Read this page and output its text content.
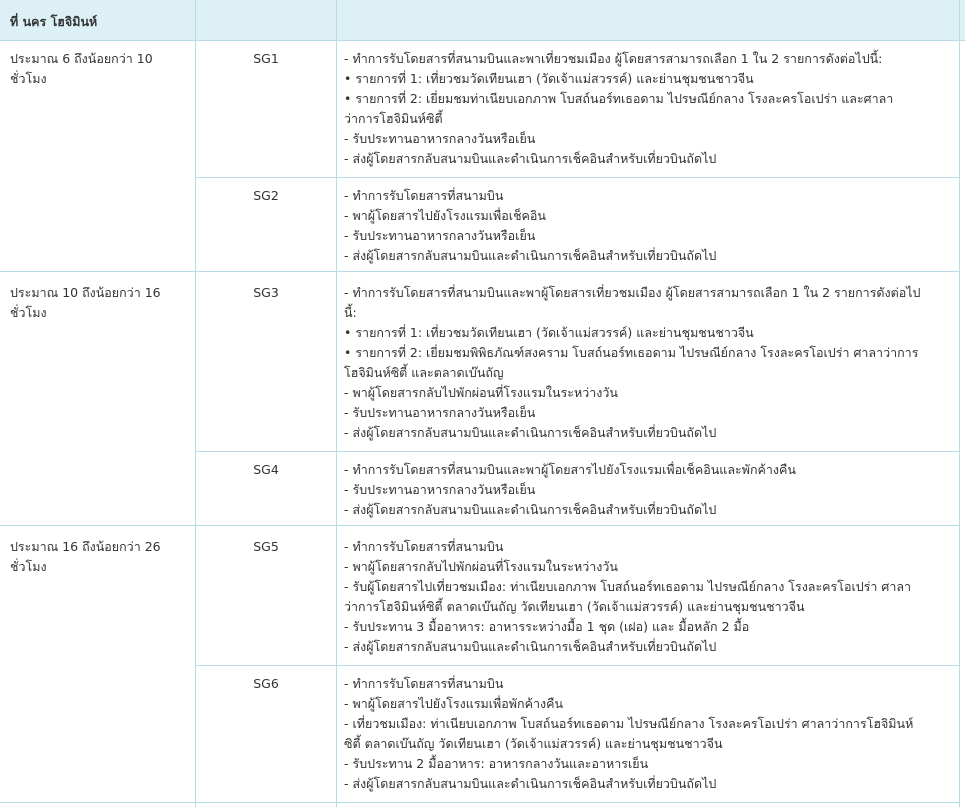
ที่ นคร โฮจิมินห์
ประมาณ 6 ถึงน้อยกว่า 10 ชั่วโมง
SG1	- ทำการรับโดยสารที่สนามบินและพาเที่ยวชมเมือง ผู้โดยสารสามารถเลือก 1 ใน 2 รายการดังต่อไปนี้:
• รายการที่ 1: เที่ยวชมวัดเทียนเฮา (วัดเจ้าแม่สวรรค์) และย่านชุมชนชาวจีน
• รายการที่ 2: เยี่ยมชมท่าเนียบเอกภาพ โบสถ์นอร์ทเธอดาม ไปรษณีย์กลาง โรงละครโอเปร่า และศาลา
ว่าการโฮจิมินห์ซิตี้
- รับประทานอาหารกลางวันหรือเย็น
- ส่งผู้โดยสารกลับสนามบินและดำเนินการเช็คอินสำหรับเที่ยวบินถัดไป
SG2	- ทำการรับโดยสารที่สนามบิน
- พาผู้โดยสารไปยังโรงแรมเพื่อเช็คอิน
- รับประทานอาหารกลางวันหรือเย็น
- ส่งผู้โดยสารกลับสนามบินและดำเนินการเช็คอินสำหรับเที่ยวบินถัดไป
ประมาณ 10 ถึงน้อยกว่า 16 ชั่วโมง
SG3	- ทำการรับโดยสารที่สนามบินและพาผู้โดยสารเที่ยวชมเมือง ผู้โดยสารสามารถเลือก 1 ใน 2 รายการดังต่อไป
นี้:
• รายการที่ 1: เที่ยวชมวัดเทียนเฮา (วัดเจ้าแม่สวรรค์) และย่านชุมชนชาวจีน
• รายการที่ 2: เยี่ยมชมพิพิธภัณฑ์สงคราม โบสถ์นอร์ทเธอดาม ไปรษณีย์กลาง โรงละครโอเปร่า ศาลาว่าการ
โฮจิมินห์ซิตี้ และตลาดเบ๊นถัญ
- พาผู้โดยสารกลับไปพักผ่อนที่โรงแรมในระหว่างวัน
- รับประทานอาหารกลางวันหรือเย็น
- ส่งผู้โดยสารกลับสนามบินและดำเนินการเช็คอินสำหรับเที่ยวบินถัดไป
SG4	- ทำการรับโดยสารที่สนามบินและพาผู้โดยสารไปยังโรงแรมเพื่อเช็คอินและพักค้างคืน
- รับประทานอาหารกลางวันหรือเย็น
- ส่งผู้โดยสารกลับสนามบินและดำเนินการเช็คอินสำหรับเที่ยวบินถัดไป
ประมาณ 16 ถึงน้อยกว่า 26 ชั่วโมง
SG5	- ทำการรับโดยสารที่สนามบิน
- พาผู้โดยสารกลับไปพักผ่อนที่โรงแรมในระหว่างวัน
- รับผู้โดยสารไปเที่ยวชมเมือง: ท่าเนียบเอกภาพ โบสถ์นอร์ทเธอดาม ไปรษณีย์กลาง โรงละครโอเปร่า ศาลา
ว่าการโฮจิมินห์ซิตี้ ตลาดเบ๊นถัญ วัดเทียนเฮา (วัดเจ้าแม่สวรรค์) และย่านชุมชนชาวจีน
- รับประทาน 3 มื้ออาหาร: อาหารระหว่างมื้อ 1 ชุด (เฝอ) และ มื้อหลัก 2 มื้อ
- ส่งผู้โดยสารกลับสนามบินและดำเนินการเช็คอินสำหรับเที่ยวบินถัดไป
SG6	- ทำการรับโดยสารที่สนามบิน
- พาผู้โดยสารไปยังโรงแรมเพื่อพักค้างคืน
- เที่ยวชมเมือง: ท่าเนียบเอกภาพ โบสถ์นอร์ทเธอดาม ไปรษณีย์กลาง โรงละครโอเปร่า ศาลาว่าการโฮจิมินห์
ซิตี้ ตลาดเบ๊นถัญ วัดเทียนเฮา (วัดเจ้าแม่สวรรค์) และย่านชุมชนชาวจีน
- รับประทาน 2 มื้ออาหาร: อาหารกลางวันและอาหารเย็น
- ส่งผู้โดยสารกลับสนามบินและดำเนินการเช็คอินสำหรับเที่ยวบินถัดไป
